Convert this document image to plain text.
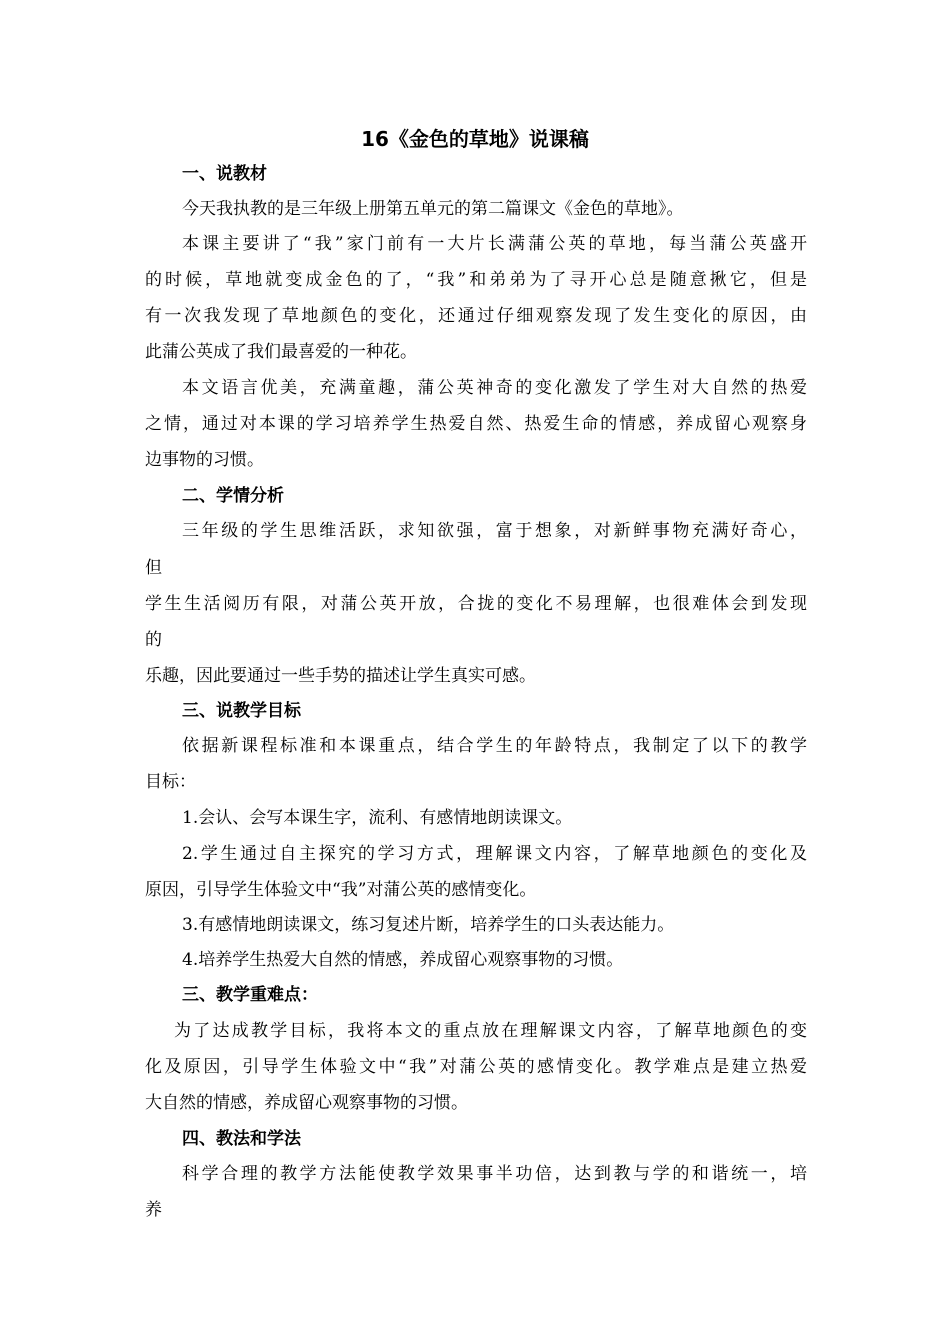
16《金色的草地》说课稿
一、说教材
今天我执教的是三年级上册第五单元的第二篇课文《金色的草地》。
本课主要讲了“我”家门前有一大片长满蒲公英的草地，每当蒲公英盛开
的时候，草地就变成金色的了，“我”和弟弟为了寻开心总是随意揪它，但是
有一次我发现了草地颜色的变化，还通过仔细观察发现了发生变化的原因，由
此蒲公英成了我们最喜爱的一种花。
本文语言优美，充满童趣，蒲公英神奇的变化激发了学生对大自然的热爱
之情，通过对本课的学习培养学生热爱自然、热爱生命的情感，养成留心观察身
边事物的习惯。
二、学情分析
三年级的学生思维活跃，求知欲强，富于想象，对新鲜事物充满好奇心，
但
学生生活阅历有限，对蒲公英开放，合拢的变化不易理解，也很难体会到发现
的
乐趣，因此要通过一些手势的描述让学生真实可感。
三、说教学目标
依据新课程标准和本课重点，结合学生的年龄特点，我制定了以下的教学
目标：
1.会认、会写本课生字，流利、有感情地朗读课文。
2.学生通过自主探究的学习方式，理解课文内容，了解草地颜色的变化及
原因，引导学生体验文中“我”对蒲公英的感情变化。
3.有感情地朗读课文，练习复述片断，培养学生的口头表达能力。
4.培养学生热爱大自然的情感，养成留心观察事物的习惯。
三、教学重难点：
为了达成教学目标，我将本文的重点放在理解课文内容，了解草地颜色的变
化及原因，引导学生体验文中“我”对蒲公英的感情变化。教学难点是建立热爱
大自然的情感，养成留心观察事物的习惯。
四、教法和学法
科学合理的教学方法能使教学效果事半功倍，达到教与学的和谐统一，培
养
